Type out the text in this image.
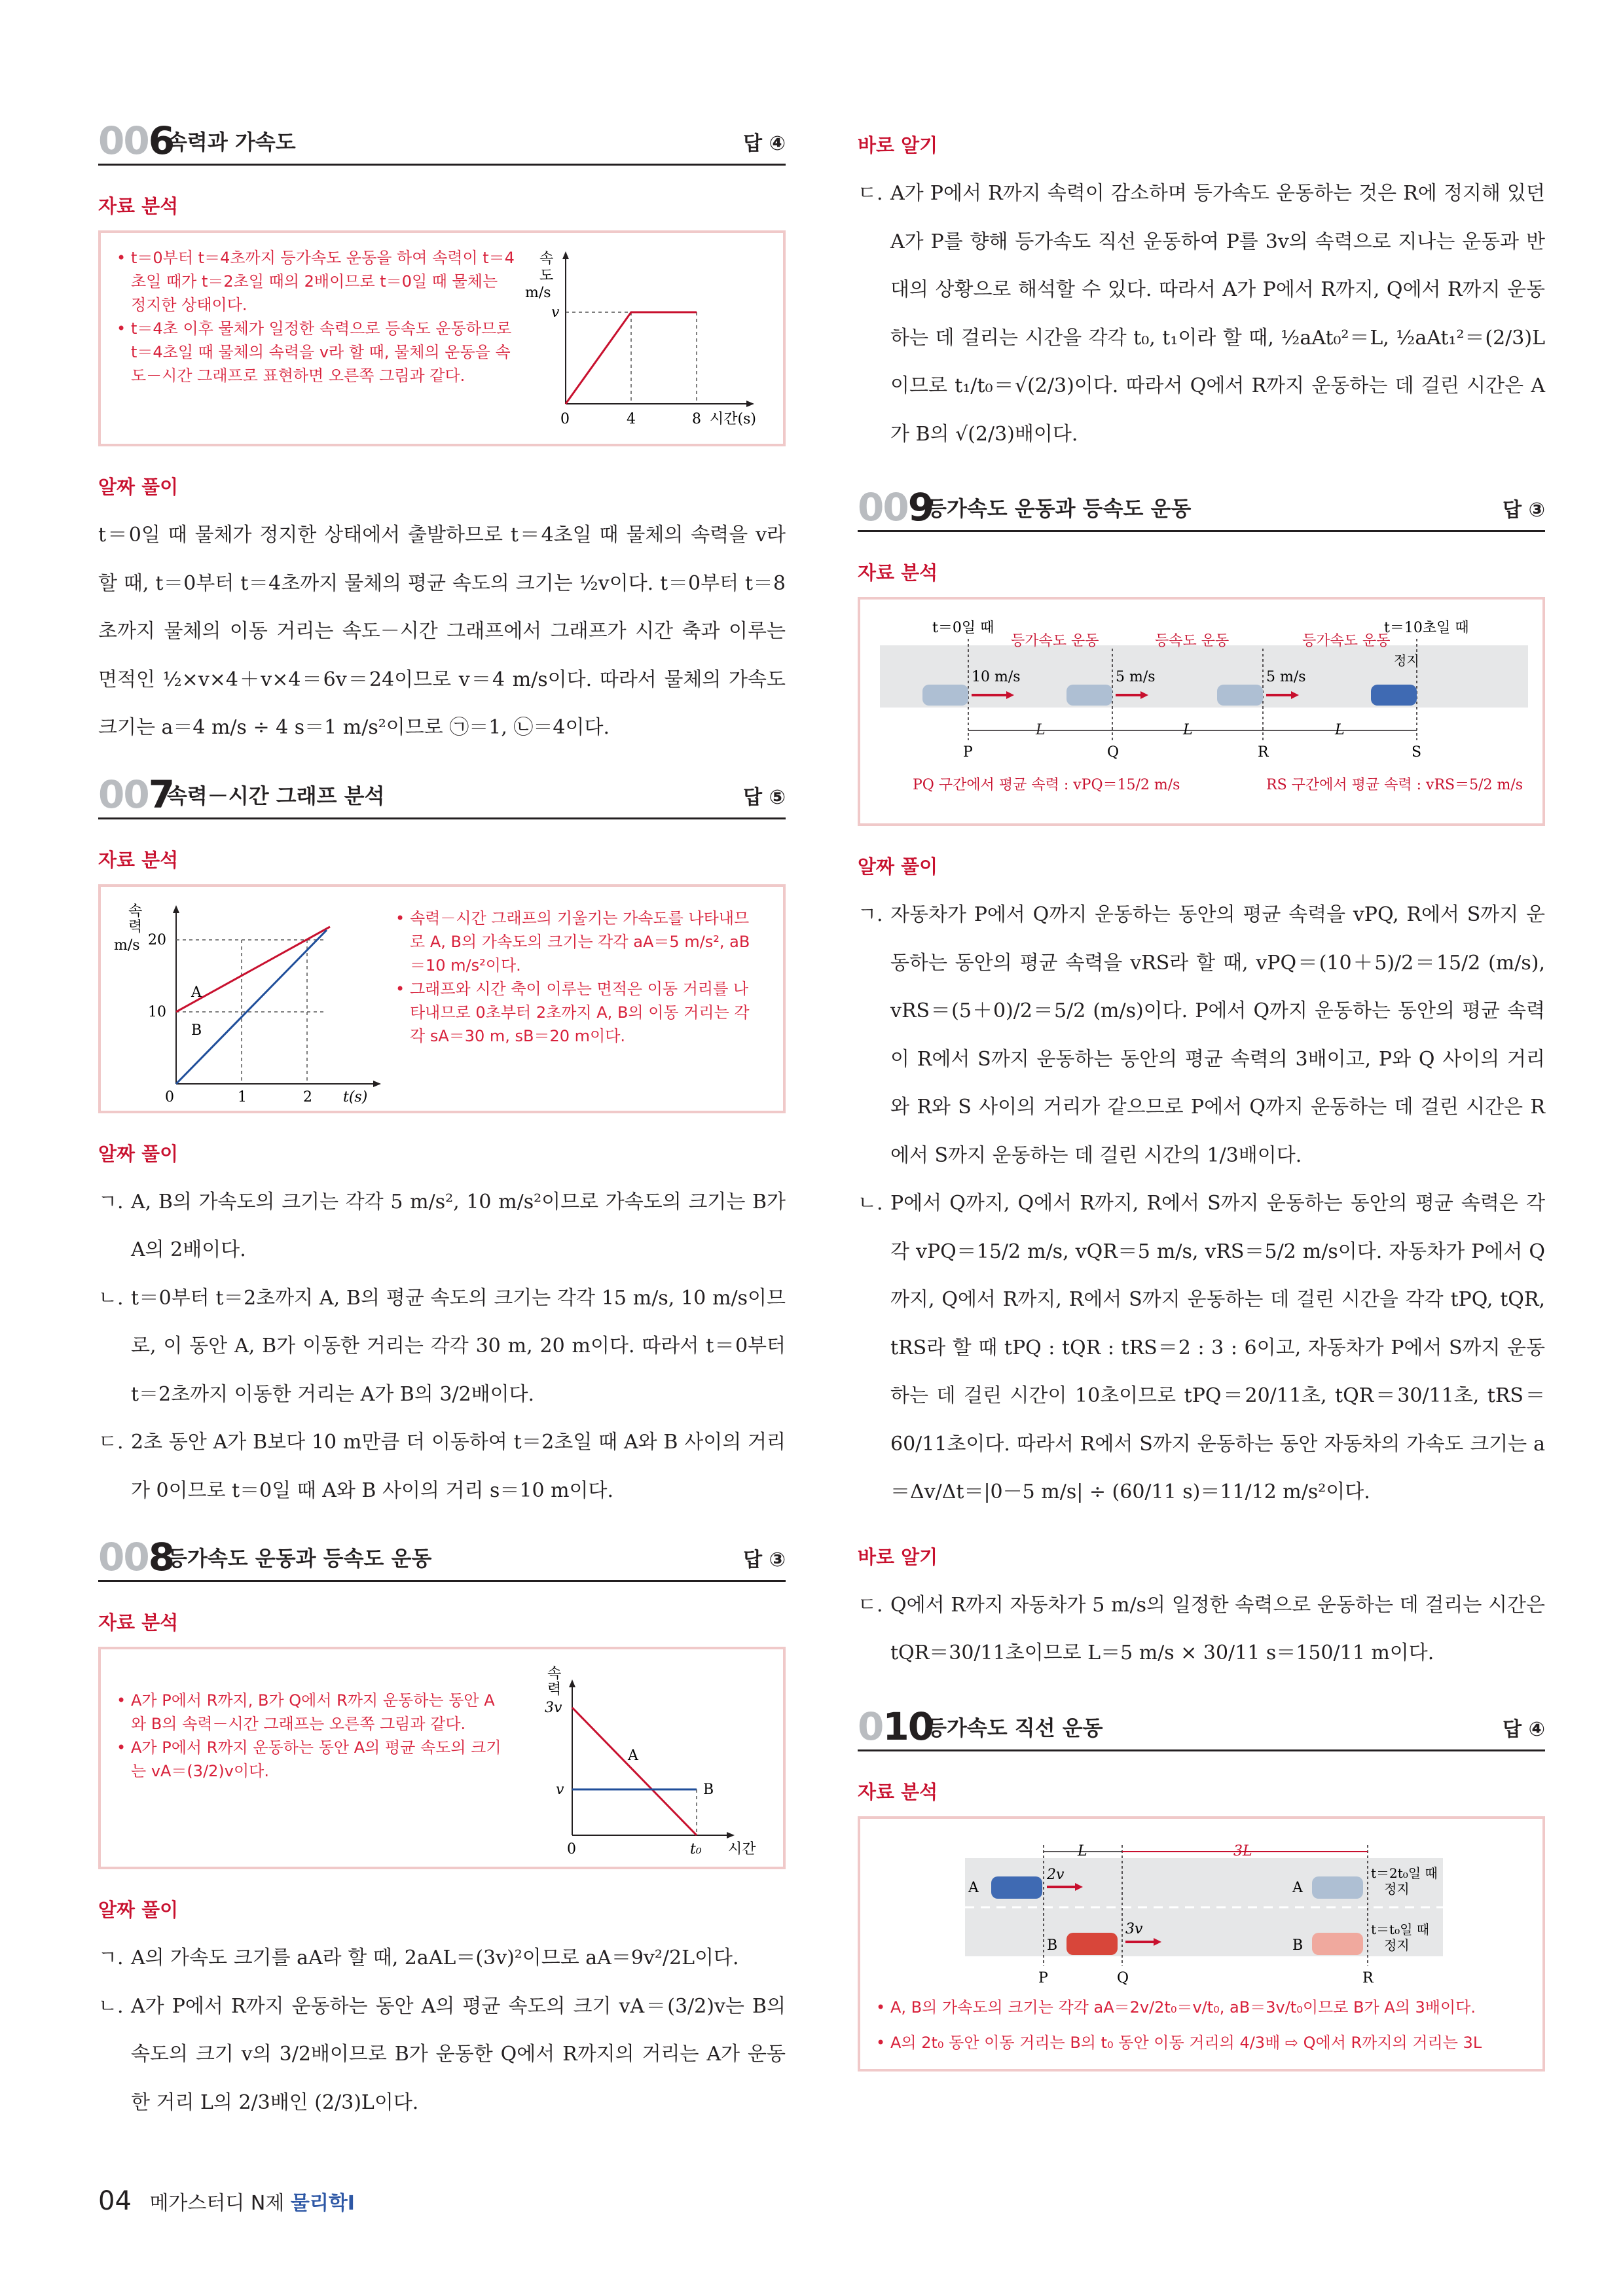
006
속력과 가속도	답 ④
자료 분석
• t＝0부터 t＝4초까지 등가속도 운동을 하여 속력이 t＝4초일 때가 t＝2초일 때의 2배이므로 t＝0일 때 물체는 정지한 상태이다.
• t＝4초 이후 물체가 일정한 속력으로 등속도 운동하므로 t＝4초일 때 물체의 속력을 v라 할 때, 물체의 운동을 속도－시간 그래프로 표현하면 오른쪽 그림과 같다.
속
도
m/s
v
0	4	8 시간(s)
알짜 풀이

t＝0일 때 물체가 정지한 상태에서 출발하므로 t＝4초일 때 물체의 속력을 v라 할 때, t＝0부터 t＝4초까지 물체의 평균 속도의 크기는 ½v이다. t＝0부터 t＝8초까지 물체의 이동 거리는 속도－시간 그래프에서 그래프가 시간 축과 이루는 면적인 ½×v×4＋v×4＝6v＝24이므로 v＝4 m/s이다. 따라서 물체의 가속도 크기는 a＝4 m/s ÷ 4 s＝1 m/s²이므로 ㉠＝1, ㉡＝4이다.

007
속력－시간 그래프 분석	답 ⑤
자료 분석
속
력
m/s
A
B
20
10
0	1	2 t(s)
• 속력－시간 그래프의 기울기는 가속도를 나타내므로 A, B의 가속도의 크기는 각각 aA＝5 m/s², aB＝10 m/s²이다.
• 그래프와 시간 축이 이루는 면적은 이동 거리를 나타내므로 0초부터 2초까지 A, B의 이동 거리는 각각 sA＝30 m, sB＝20 m이다.
알짜 풀이
ㄱ. A, B의 가속도의 크기는 각각 5 m/s², 10 m/s²이므로 가속도의 크기는 B가 A의 2배이다.
ㄴ. t＝0부터 t＝2초까지 A, B의 평균 속도의 크기는 각각 15 m/s, 10 m/s이므로, 이 동안 A, B가 이동한 거리는 각각 30 m, 20 m이다. 따라서 t＝0부터 t＝2초까지 이동한 거리는 A가 B의 3/2배이다.
ㄷ. 2초 동안 A가 B보다 10 m만큼 더 이동하여 t＝2초일 때 A와 B 사이의 거리가 0이므로 t＝0일 때 A와 B 사이의 거리 s＝10 m이다.
008
등가속도 운동과 등속도 운동	답 ③
자료 분석
• A가 P에서 R까지, B가 Q에서 R까지 운동하는 동안 A와 B의 속력－시간 그래프는 오른쪽 그림과 같다.
• A가 P에서 R까지 운동하는 동안 A의 평균 속도의 크기는 vA＝(3/2)v이다.
속
력
A
B
3v
v
0	t₀ 시간
알짜 풀이
ㄱ. A의 가속도 크기를 aA라 할 때, 2aAL＝(3v)²이므로 aA＝9v²/2L이다.
ㄴ. A가 P에서 R까지 운동하는 동안 A의 평균 속도의 크기 vA＝(3/2)v는 B의 속도의 크기 v의 3/2배이므로 B가 운동한 Q에서 R까지의 거리는 A가 운동한 거리 L의 2/3배인 (2/3)L이다.
바로 알기
ㄷ. A가 P에서 R까지 속력이 감소하며 등가속도 운동하는 것은 R에 정지해 있던 A가 P를 향해 등가속도 직선 운동하여 P를 3v의 속력으로 지나는 운동과 반대의 상황으로 해석할 수 있다. 따라서 A가 P에서 R까지, Q에서 R까지 운동하는 데 걸리는 시간을 각각 t₀, t₁이라 할 때, ½aAt₀²＝L, ½aAt₁²＝(2/3)L이므로 t₁/t₀＝√(2/3)이다. 따라서 Q에서 R까지 운동하는 데 걸린 시간은 A가 B의 √(2/3)배이다.
009
등가속도 운동과 등속도 운동	답 ③
자료 분석
t＝0일 때
등가속도 운동	등속도 운동	등가속도 운동
t＝10초일 때
정지
10 m/s	5 m/s	5 m/s
L	L	L
P	Q	R	S
PQ 구간에서 평균 속력 : vPQ＝15/2 m/s	RS 구간에서 평균 속력 : vRS＝5/2 m/s
알짜 풀이
ㄱ. 자동차가 P에서 Q까지 운동하는 동안의 평균 속력을 vPQ, R에서 S까지 운동하는 동안의 평균 속력을 vRS라 할 때, vPQ＝(10＋5)/2＝15/2 (m/s), vRS＝(5＋0)/2＝5/2 (m/s)이다. P에서 Q까지 운동하는 동안의 평균 속력이 R에서 S까지 운동하는 동안의 평균 속력의 3배이고, P와 Q 사이의 거리와 R와 S 사이의 거리가 같으므로 P에서 Q까지 운동하는 데 걸린 시간은 R에서 S까지 운동하는 데 걸린 시간의 1/3배이다.
ㄴ. P에서 Q까지, Q에서 R까지, R에서 S까지 운동하는 동안의 평균 속력은 각각 vPQ＝15/2 m/s, vQR＝5 m/s, vRS＝5/2 m/s이다. 자동차가 P에서 Q까지, Q에서 R까지, R에서 S까지 운동하는 데 걸린 시간을 각각 tPQ, tQR, tRS라 할 때 tPQ : tQR : tRS＝2 : 3 : 6이고, 자동차가 P에서 S까지 운동하는 데 걸린 시간이 10초이므로 tPQ＝20/11초, tQR＝30/11초, tRS＝60/11초이다. 따라서 R에서 S까지 운동하는 동안 자동차의 가속도 크기는 a＝Δv/Δt＝|0－5 m/s| ÷ (60/11 s)＝11/12 m/s²이다.
바로 알기
ㄷ. Q에서 R까지 자동차가 5 m/s의 일정한 속력으로 운동하는 데 걸리는 시간은 tQR＝30/11초이므로 L＝5 m/s × 30/11 s＝150/11 m이다.
010
등가속도 직선 운동	답 ④
자료 분석
L	3L
A
2v
A
t＝2t₀일 때
정지
B
3v
B
t＝t₀일 때
정지
P	Q	R
• A, B의 가속도의 크기는 각각 aA＝2v/2t₀＝v/t₀, aB＝3v/t₀이므로 B가 A의 3배이다.
• A의 2t₀ 동안 이동 거리는 B의 t₀ 동안 이동 거리의 4/3배 ⇨ Q에서 R까지의 거리는 3L
04 메가스터디 N제 물리학Ⅰ
